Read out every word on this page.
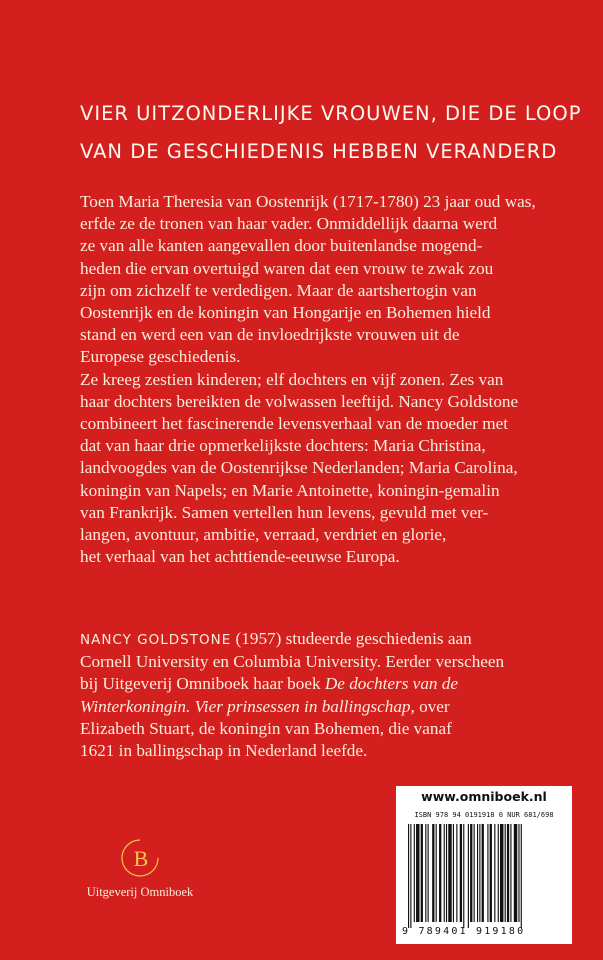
VIER UITZONDERLIJKE VROUWEN, DIE DE LOOP
VAN DE GESCHIEDENIS HEBBEN VERANDERD
Toen Maria Theresia van Oostenrijk (1717-1780) 23 jaar oud was,
erfde ze de tronen van haar vader. Onmiddellijk daarna werd
ze van alle kanten aangevallen door buitenlandse mogend-
heden die ervan overtuigd waren dat een vrouw te zwak zou
zijn om zichzelf te verdedigen. Maar de aartshertogin van
Oostenrijk en de koningin van Hongarije en Bohemen hield
stand en werd een van de invloedrijkste vrouwen uit de
Europese geschiedenis.
Ze kreeg zestien kinderen; elf dochters en vijf zonen. Zes van
haar dochters bereikten de volwassen leeftijd. Nancy Goldstone
combineert het fascinerende levensverhaal van de moeder met
dat van haar drie opmerkelijkste dochters: Maria Christina,
landvoogdes van de Oostenrijkse Nederlanden; Maria Carolina,
koningin van Napels; en Marie Antoinette, koningin-gemalin
van Frankrijk. Samen vertellen hun levens, gevuld met ver-
langen, avontuur, ambitie, verraad, verdriet en glorie,
het verhaal van het achttiende-eeuwse Europa.
NANCY GOLDSTONE (1957) studeerde geschiedenis aan
Cornell University en Columbia University. Eerder verscheen
bij Uitgeverij Omniboek haar boek De dochters van de
Winterkoningin. Vier prinsessen in ballingschap, over
Elizabeth Stuart, de koningin van Bohemen, die vanaf
1621 in ballingschap in Nederland leefde.
B
Uitgeverij Omniboek
www.omniboek.nl
ISBN 978 94 0191918 0 NUR 681/698
9 789401 919180
